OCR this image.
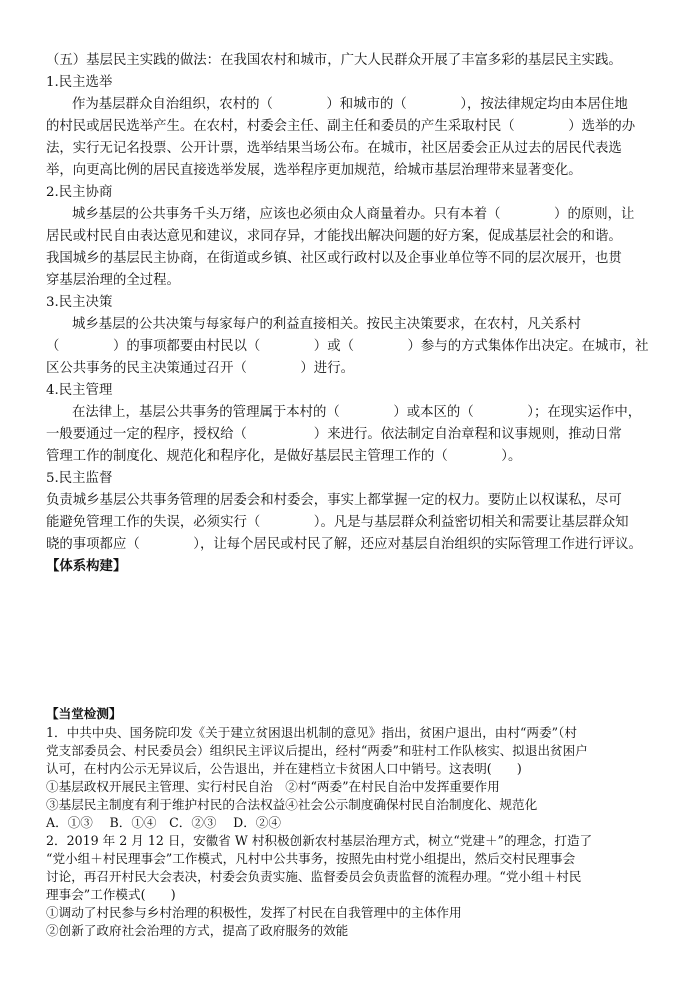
（五）基层民主实践的做法：在我国农村和城市，广大人民群众开展了丰富多彩的基层民主实践。
1.民主选举
作为基层群众自治组织，农村的（　　　　）和城市的（　　　　），按法律规定均由本居住地
的村民或居民选举产生。在农村，村委会主任、副主任和委员的产生采取村民（　　　　）选举的办
法，实行无记名投票、公开计票，选举结果当场公布。在城市，社区居委会正从过去的居民代表选
举，向更高比例的居民直接选举发展，选举程序更加规范，给城市基层治理带来显著变化。
2.民主协商
城乡基层的公共事务千头万绪，应该也必须由众人商量着办。只有本着（　　　　）的原则，让
居民或村民自由表达意见和建议，求同存异，才能找出解决问题的好方案，促成基层社会的和谐。
我国城乡的基层民主协商，在街道或乡镇、社区或行政村以及企事业单位等不同的层次展开，也贯
穿基层治理的全过程。
3.民主决策
城乡基层的公共决策与每家每户的利益直接相关。按民主决策要求，在农村，凡关系村
（　　　　）的事项都要由村民以（　　　　）或（　　　　）参与的方式集体作出决定。在城市，社
区公共事务的民主决策通过召开（　　　　）进行。
4.民主管理
在法律上，基层公共事务的管理属于本村的（　　　　）或本区的（　　　　）；在现实运作中，
一般要通过一定的程序，授权给（　　　　　）来进行。依法制定自治章程和议事规则，推动日常
管理工作的制度化、规范化和程序化，是做好基层民主管理工作的（　　　　）。
5.民主监督
负责城乡基层公共事务管理的居委会和村委会，事实上都掌握一定的权力。要防止以权谋私，尽可
能避免管理工作的失误，必须实行（　　　　）。凡是与基层群众利益密切相关和需要让基层群众知
晓的事项都应（　　　　），让每个居民或村民了解，还应对基层自治组织的实际管理工作进行评议。
【体系构建】
【当堂检测】
1．中共中央、国务院印发《关于建立贫困退出机制的意见》指出，贫困户退出，由村“两委”（村
党支部委员会、村民委员会）组织民主评议后提出，经村“两委”和驻村工作队核实、拟退出贫困户
认可，在村内公示无异议后，公告退出，并在建档立卡贫困人口中销号。这表明(　　)
①基层政权开展民主管理、实行村民自治　②村“两委”在村民自治中发挥重要作用
③基层民主制度有利于维护村民的合法权益④社会公示制度确保村民自治制度化、规范化
A．①③　 B．①④　C．②③　 D．②④
2．2019 年 2 月 12 日，安徽省 W 村积极创新农村基层治理方式，树立“党建＋”的理念，打造了
“党小组＋村民理事会”工作模式，凡村中公共事务，按照先由村党小组提出，然后交村民理事会
讨论，再召开村民大会表决，村委会负责实施、监督委员会负责监督的流程办理。“党小组＋村民
理事会”工作模式(　　)
①调动了村民参与乡村治理的积极性，发挥了村民在自我管理中的主体作用
②创新了政府社会治理的方式，提高了政府服务的效能
